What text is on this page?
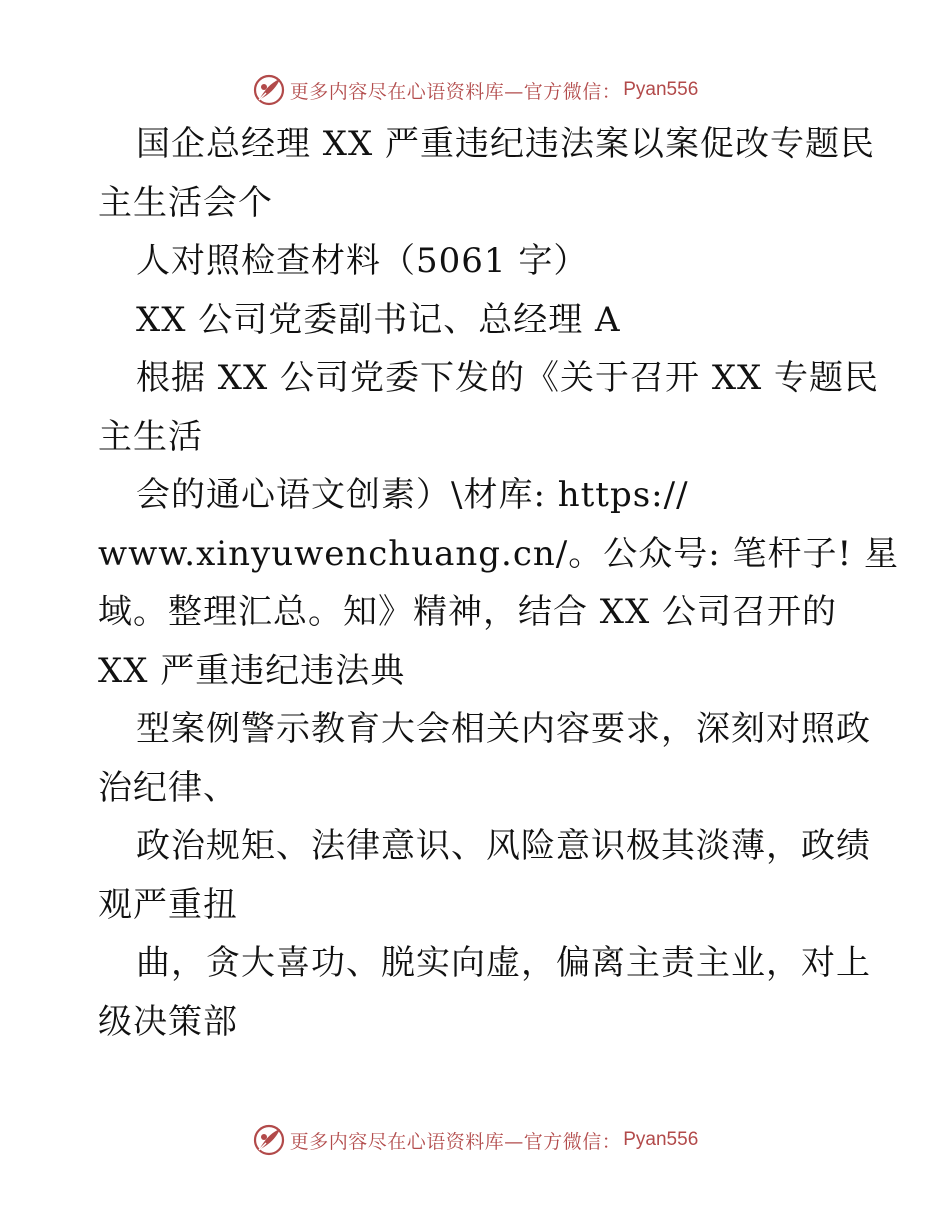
更多内容尽在心语资料库—官方微信： Pyan556
国企总经理 XX 严重违纪违法案以案促改专题民
主生活会个
人对照检查材料（5061 字）
XX 公司党委副书记、总经理 A
根据 XX 公司党委下发的《关于召开 XX 专题民
主生活
会的通心语文创素）\材库: https://
www.xinyuwenchuang.cn/。公众号: 笔杆子! 星
域。整理汇总。知》精神，结合 XX 公司召开的
XX 严重违纪违法典
型案例警示教育大会相关内容要求，深刻对照政
治纪律、
政治规矩、法律意识、风险意识极其淡薄，政绩
观严重扭
曲，贪大喜功、脱实向虚，偏离主责主业，对上
级决策部
更多内容尽在心语资料库—官方微信： Pyan556
